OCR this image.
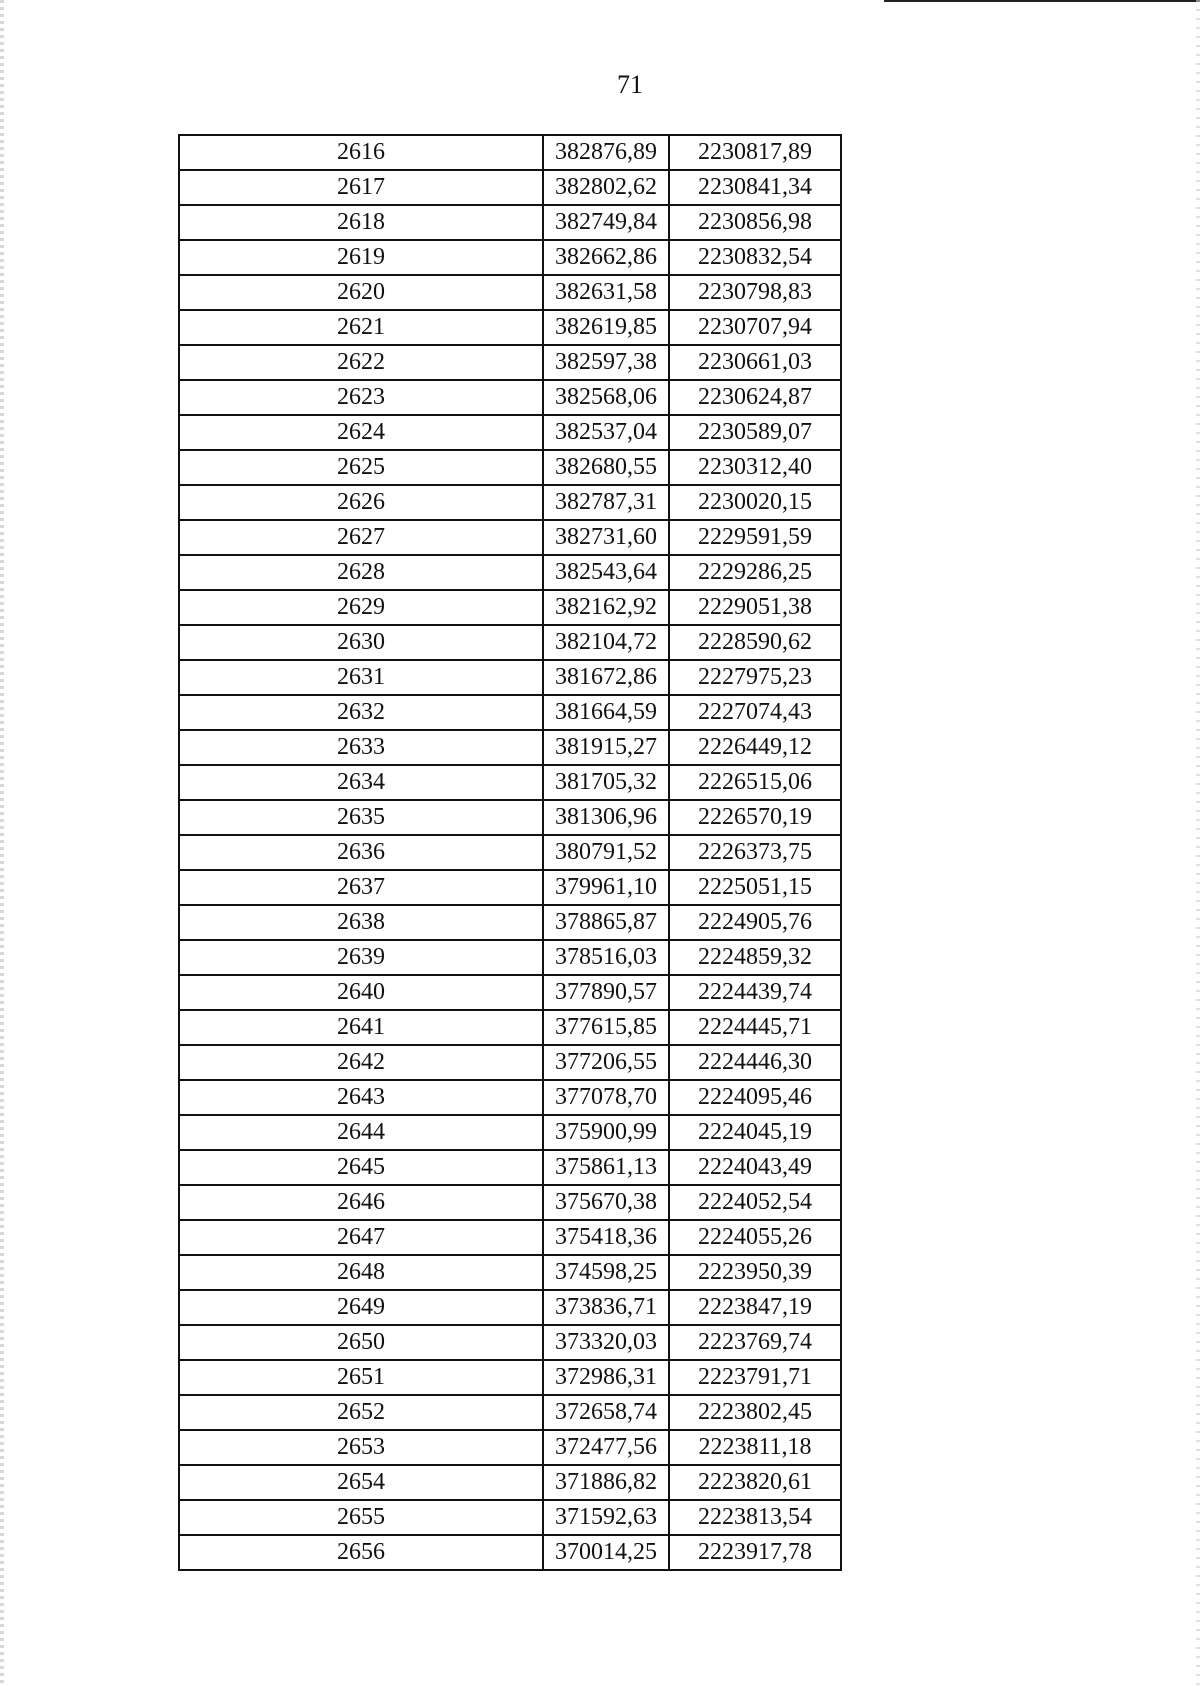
71
2616	382876,89	2230817,89
2617	382802,62	2230841,34
2618	382749,84	2230856,98
2619	382662,86	2230832,54
2620	382631,58	2230798,83
2621	382619,85	2230707,94
2622	382597,38	2230661,03
2623	382568,06	2230624,87
2624	382537,04	2230589,07
2625	382680,55	2230312,40
2626	382787,31	2230020,15
2627	382731,60	2229591,59
2628	382543,64	2229286,25
2629	382162,92	2229051,38
2630	382104,72	2228590,62
2631	381672,86	2227975,23
2632	381664,59	2227074,43
2633	381915,27	2226449,12
2634	381705,32	2226515,06
2635	381306,96	2226570,19
2636	380791,52	2226373,75
2637	379961,10	2225051,15
2638	378865,87	2224905,76
2639	378516,03	2224859,32
2640	377890,57	2224439,74
2641	377615,85	2224445,71
2642	377206,55	2224446,30
2643	377078,70	2224095,46
2644	375900,99	2224045,19
2645	375861,13	2224043,49
2646	375670,38	2224052,54
2647	375418,36	2224055,26
2648	374598,25	2223950,39
2649	373836,71	2223847,19
2650	373320,03	2223769,74
2651	372986,31	2223791,71
2652	372658,74	2223802,45
2653	372477,56	2223811,18
2654	371886,82	2223820,61
2655	371592,63	2223813,54
2656	370014,25	2223917,78
